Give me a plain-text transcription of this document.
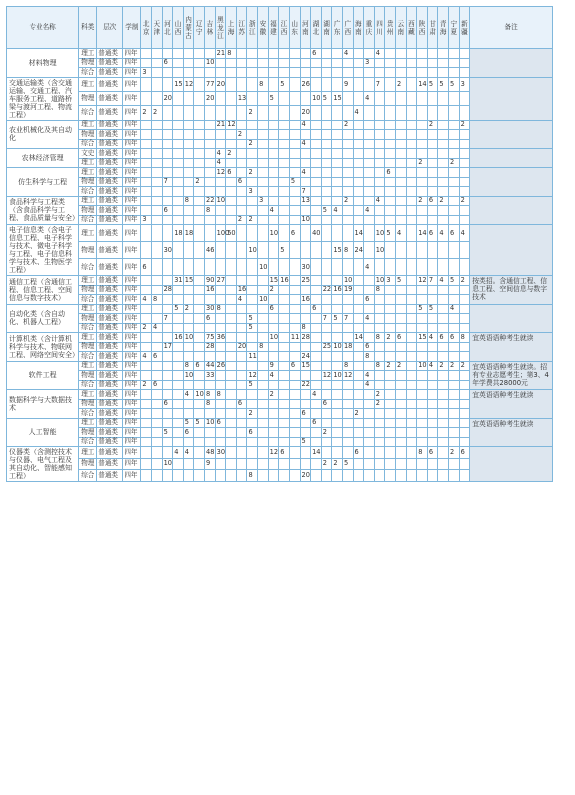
专业名称	科类	层次	学制	北京	天津	河北	山西	内蒙古	辽宁	吉林	黑龙江	上海	江苏	浙江	安徽	福建	江西	山东	河南	湖北	湖南	广东	广西	海南	重庆	四川	贵州	云南	西藏	陕西	甘肃	青海	宁夏	新疆	备注
材料物理	理工	普通类	四年								21	8								6			4			4									
	物理	普通类	四年			6				10															3										
	综合	普通类	四年	3																															
交通运输类（含交通运输、交通工程、汽车服务工程、道路桥梁与渡河工程、物流工程）	理工	普通类	四年				15	12		77	20				8		5		26				9			7		2		14	5	5	5	3	
	物理	普通类	四年			20				20			13			5				10	5	15			4										
	综合	普通类	四年	2	2									2					20					4											
农业机械化及其自动化	理工	普通类	四年								21	12							4				2								2			2	
	物理	普通类	四年										2																						
	综合	普通类	四年											2					4																
农林经济管理	文史	普通类	四年								4	2																							
	理工	普通类	四年								4																			2			2		
仿生科学与工程	理工	普通类	四年								12	6		2					4								6								
	物理	普通类	四年			7			2				6					5																	
	综合	普通类	四年											3					7																
食品科学与工程类（含食品科学与工程、食品质量与安全）	理工	普通类	四年					8		22	10				3				13				2			4				2	6	2		2	
	物理	普通类	四年			6				8						4					5	4			4										
	综合	普通类	四年	3									2	2					10																
电子信息类（含电子信息工程、电子科学与技术、微电子科学与工程、电子信息科学与技术、生物医学工程）	理工	普通类	四年				18	18			100	50				10		6		40				14		10	5	4		14	6	4	6	4	
	物理	普通类	四年			30				46				10			5					15	8	24		10									
	综合	普通类	四年	6											10				30						4										
通信工程（含通信工程、信息工程、空间信息与数字技术）	理工	普通类	四年				31	15		90	27					15	16		25				10			10	3	5		12	7	4	5	2	按类招。含通信工程、信息工程、空间信息与数字技术
	物理	普通类	四年			28				16			16			2					22	16	19			8									
	综合	普通类	四年	4	8								4		10				16						6										
自动化类（含自动化、机器人工程）	理工	普通类	四年				5	2		30	8					6				6										5	5		4		
	物理	普通类	四年			7				6				5							7	5	7		4										
	综合	普通类	四年	2	4									5					8																
计算机类（含计算机科学与技术、物联网工程、网络空间安全）	理工	普通类	四年				16	10		75	36					10		11	28					14		8	2	6		15	4	6	6	8	宜英语语种考生就读
	物理	普通类	四年			17				28			20		8						25	10	18		6										
	综合	普通类	四年	4	6									11					24						8										
软件工程	理工	普通类	四年					8	6	44	26					9		6	15				8			8	2	2		10	4	2	2	2	宜英语语种考生就读。招有专业志愿考生；第3、4年学费共28000元
	物理	普通类	四年					10		33				12		4					12	10	12		4										
	综合	普通类	四年	2	6									5					22						4										
数据科学与大数据技术	理工	普通类	四年					4	10	8	8					2				4						2									宜英语语种考生就读
	物理	普通类	四年			6				8			6								6					2									
	综合	普通类	四年											2					6					2											
人工智能	理工	普通类	四年					5	5	10	6									6															宜英语语种考生就读
	物理	普通类	四年			5		6						6							2														
	综合	普通类	四年																5																
仪器类（含测控技术与仪器、电气工程及其自动化、智能感知工程）	理工	普通类	四年				4	4		48	30					12	6			14				6						8	6		2	6	
	物理	普通类	四年			10				9											2	2	5												
	综合	普通类	四年											8					20																
